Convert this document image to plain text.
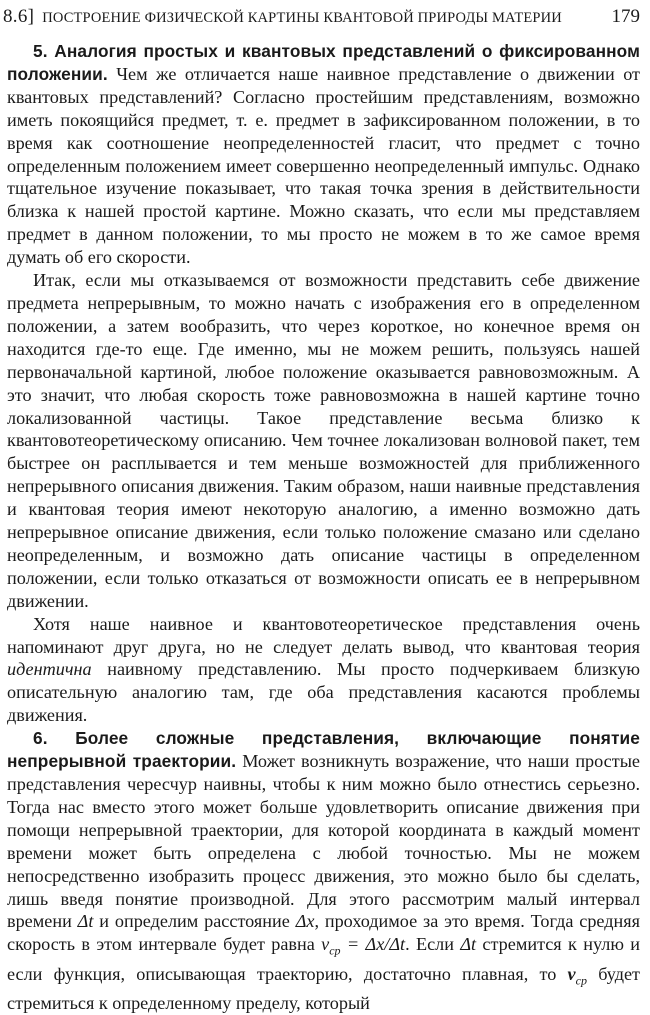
8.6] ПОСТРОЕНИЕ ФИЗИЧЕСКОЙ КАРТИНЫ КВАНТОВОЙ ПРИРОДЫ МАТЕРИИ	179

5. Аналогия простых и квантовых представлений о фиксированном положении. Чем же отличается наше наивное представление о движении от квантовых представлений? Согласно простейшим представлениям, возможно иметь покоящийся предмет, т. е. предмет в зафиксированном положении, в то время как соотношение неопределенностей гласит, что предмет с точно определенным положением имеет совершенно неопределенный импульс. Однако тщательное изучение показывает, что такая точка зрения в действительности близка к нашей простой картине. Можно сказать, что если мы представляем предмет в данном положении, то мы просто не можем в то же самое время думать об его скорости.

Итак, если мы отказываемся от возможности представить себе движение предмета непрерывным, то можно начать с изображения его в определенном положении, а затем вообразить, что через короткое, но конечное время он находится где-то еще. Где именно, мы не можем решить, пользуясь нашей первоначальной картиной, любое положение оказывается равновозможным. А это значит, что любая скорость тоже равновозможна в нашей картине точно локализованной частицы. Такое представление весьма близко к квантовотеоретическому описанию. Чем точнее локализован волновой пакет, тем быстрее он расплывается и тем меньше возможностей для приближенного непрерывного описания движения. Таким образом, наши наивные представления и квантовая теория имеют некоторую аналогию, а именно возможно дать непрерывное описание движения, если только положение смазано или сделано неопределенным, и возможно дать описание частицы в определенном положении, если только отказаться от возможности описать ее в непрерывном движении.

Хотя наше наивное и квантовотеоретическое представления очень напоминают друг друга, но не следует делать вывод, что квантовая теория идентична наивному представлению. Мы просто подчеркиваем близкую описательную аналогию там, где оба представления касаются проблемы движения.

6. Более сложные представления, включающие понятие непрерывной траектории. Может возникнуть возражение, что наши простые представления чересчур наивны, чтобы к ним можно было отнестись серьезно. Тогда нас вместо этого может больше удовлетворить описание движения при помощи непрерывной траектории, для которой координата в каждый момент времени может быть определена с любой точностью. Мы не можем непосредственно изобразить процесс движения, это можно было бы сделать, лишь введя понятие производной. Для этого рассмотрим малый интервал времени Δt и определим расстояние Δx, проходимое за это время. Тогда средняя скорость в этом интервале будет равна $v_{ср} = \Delta x/\Delta t$. Если Δt стремится к нулю и если функция, описывающая траекторию, достаточно плавная, то $v_{ср}$ будет стремиться к определенному пределу, который
